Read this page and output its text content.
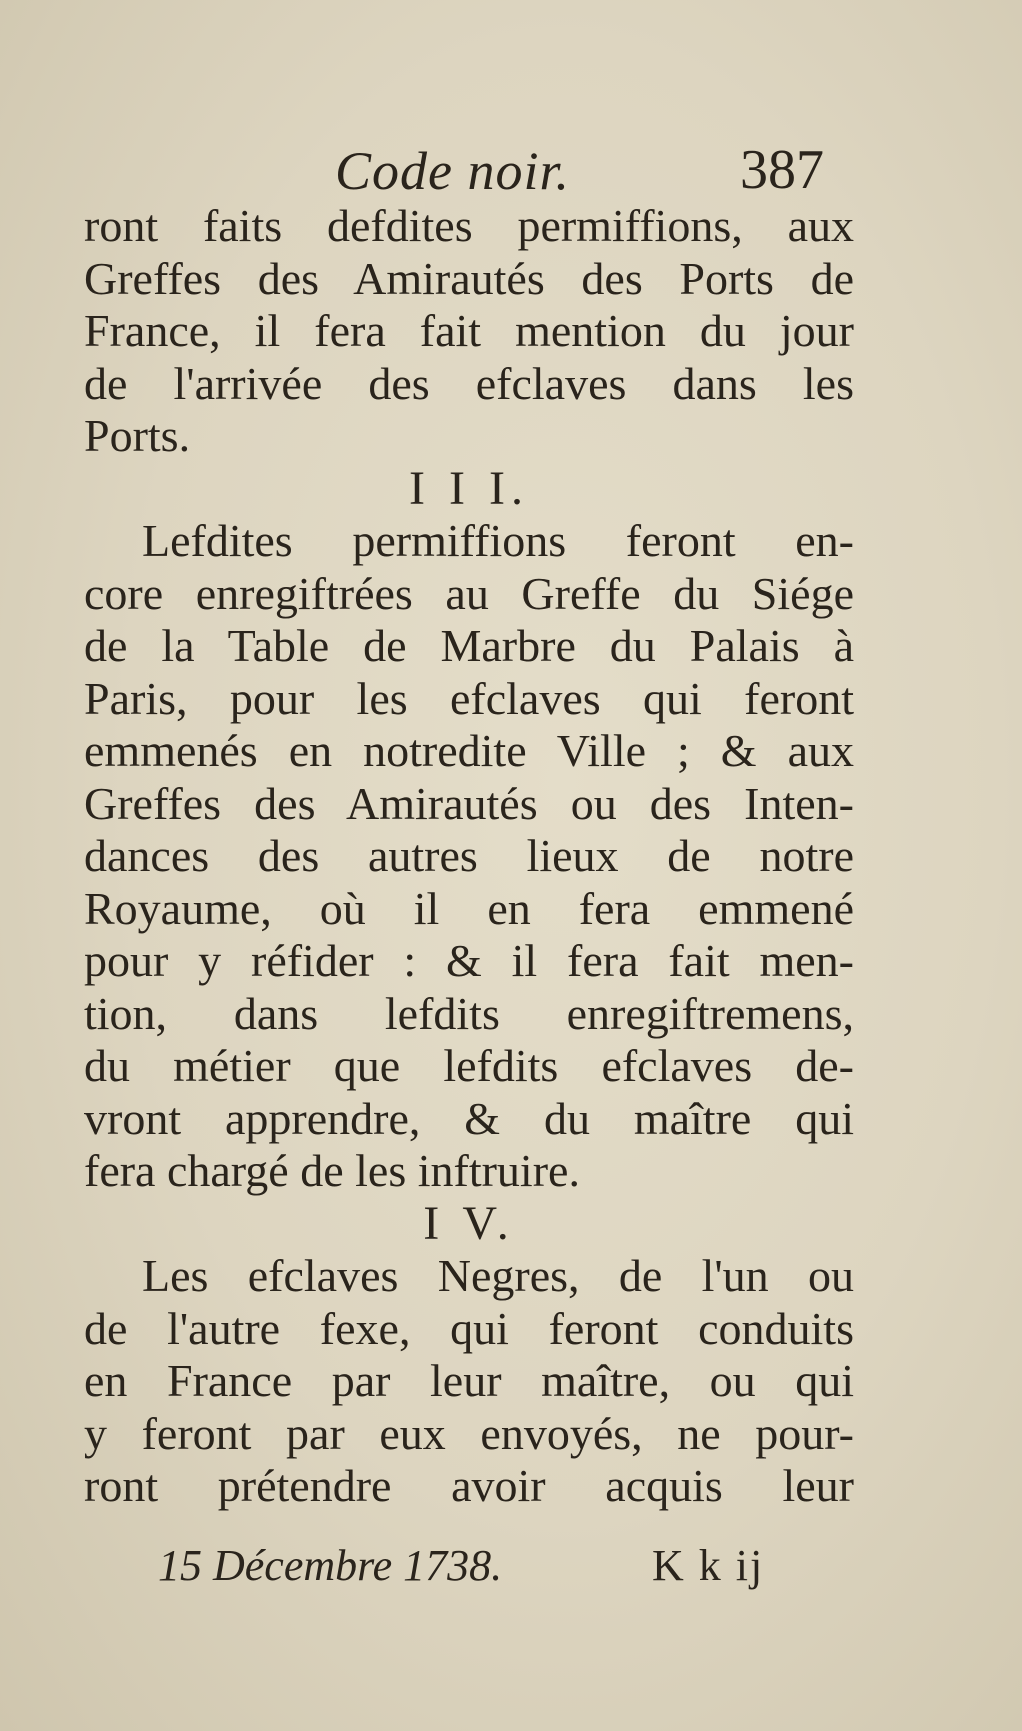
Code noir.	387
ront faits defdites permiffions, aux
Greffes des Amirautés des Ports de
France, il fera fait mention du jour
de l'arrivée des efclaves dans les
Ports.
I I I.
Lefdites permiffions feront en-
core enregiftrées au Greffe du Siége
de la Table de Marbre du Palais à
Paris, pour les efclaves qui feront
emmenés en notredite Ville ; & aux
Greffes des Amirautés ou des Inten-
dances des autres lieux de notre
Royaume, où il en fera emmené
pour y réfider : & il fera fait men-
tion, dans lefdits enregiftremens,
du métier que lefdits efclaves de-
vront apprendre, & du maître qui
fera chargé de les inftruire.
I V.
Les efclaves Negres, de l'un ou
de l'autre fexe, qui feront conduits
en France par leur maître, ou qui
y feront par eux envoyés, ne pour-
ront prétendre avoir acquis leur
15 Décembre 1738.	K k ij
